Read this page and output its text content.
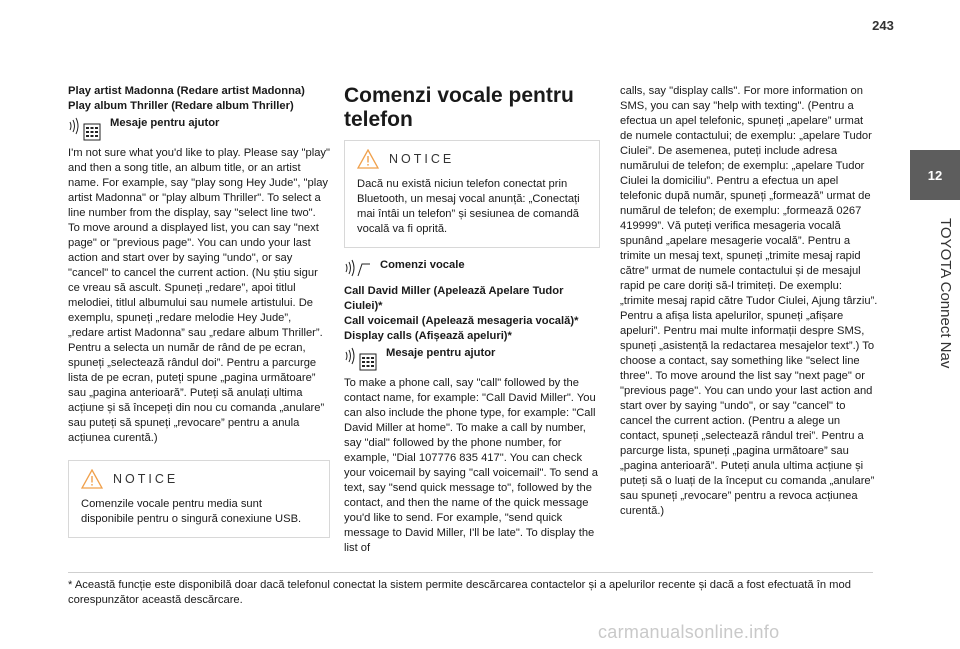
243
12
TOYOTA Connect Nav

Play artist Madonna (Redare artist Madonna)

Play album Thriller (Redare album Thriller)

Mesaje pentru ajutor

I'm not sure what you'd like to play. Please say "play" and then a song title, an album title, or an artist name. For example, say "play song Hey Jude", "play artist Madonna" or "play album Thriller". To select a line number from the display, say "select line two". To move around a displayed list, you can say "next page" or "previous page". You can undo your last action and start over by saying "undo", or say "cancel" to cancel the current action. (Nu știu sigur ce vreau să ascult. Spuneți „redare”, apoi titlul melodiei, titlul albumului sau numele artistului. De exemplu, spuneți „redare melodie Hey Jude”, „redare artist Madonna” sau „redare album Thriller”. Pentru a selecta un număr de rând de pe ecran, spuneți „selectează rândul doi”. Pentru a parcurge lista de pe ecran, puteți spune „pagina următoare” sau „pagina anterioară”. Puteți să anulați ultima acțiune și să începeți din nou cu comanda „anulare” sau puteți să spuneți „revocare” pentru a anula acțiunea curentă.)

NOTICE

Comenzile vocale pentru media sunt disponibile pentru o singură conexiune USB.

Comenzi vocale pentru telefon
NOTICE

Dacă nu există niciun telefon conectat prin Bluetooth, un mesaj vocal anunță: „Conectați mai întâi un telefon” și sesiunea de comandă vocală va fi oprită.

Comenzi vocale

Call David Miller (Apelează Apelare Tudor Ciulei)*

Call voicemail (Apelează mesageria vocală)*

Display calls (Afișează apeluri)*

Mesaje pentru ajutor

To make a phone call, say "call" followed by the contact name, for example: "Call David Miller". You can also include the phone type, for example: "Call David Miller at home". To make a call by number, say "dial" followed by the phone number, for example, "Dial 107776 835 417". You can check your voicemail by saying "call voicemail". To send a text, say "send quick message to", followed by the contact, and then the name of the quick message you'd like to send. For example, "send quick message to David Miller, I'll be late". To display the list of

calls, say "display calls". For more information on SMS, you can say "help with texting". (Pentru a efectua un apel telefonic, spuneți „apelare” urmat de numele contactului; de exemplu: „apelare Tudor Ciulei”. De asemenea, puteți include adresa numărului de telefon; de exemplu: „apelare Tudor Ciulei la domiciliu”. Pentru a efectua un apel telefonic după număr, spuneți „formează” urmat de numărul de telefon; de exemplu: „formează 0267 419999”. Vă puteți verifica mesageria vocală spunând „apelare mesagerie vocală”. Pentru a trimite un mesaj text, spuneți „trimite mesaj rapid către” urmat de numele contactului și de mesajul rapid pe care doriți să-l trimiteți. De exemplu: „trimite mesaj rapid către Tudor Ciulei, Ajung târziu”. Pentru a afișa lista apelurilor, spuneți „afișare apeluri”. Pentru mai multe informații despre SMS, spuneți „asistență la redactarea mesajelor text”.) To choose a contact, say something like "select line three". To move around the list say "next page" or "previous page". You can undo your last action and start over by saying "undo", or say "cancel" to cancel the current action. (Pentru a alege un contact, spuneți „selectează rândul trei”. Pentru a parcurge lista, spuneți „pagina următoare” sau „pagina anterioară”. Puteți anula ultima acțiune și puteți să o luați de la început cu comanda „anulare” sau spuneți „revocare” pentru a revoca acțiunea curentă.)

* Această funcție este disponibilă doar dacă telefonul conectat la sistem permite descărcarea contactelor și a apelurilor recente și dacă a fost efectuată în mod corespunzător această descărcare.
carmanualsonline.info
